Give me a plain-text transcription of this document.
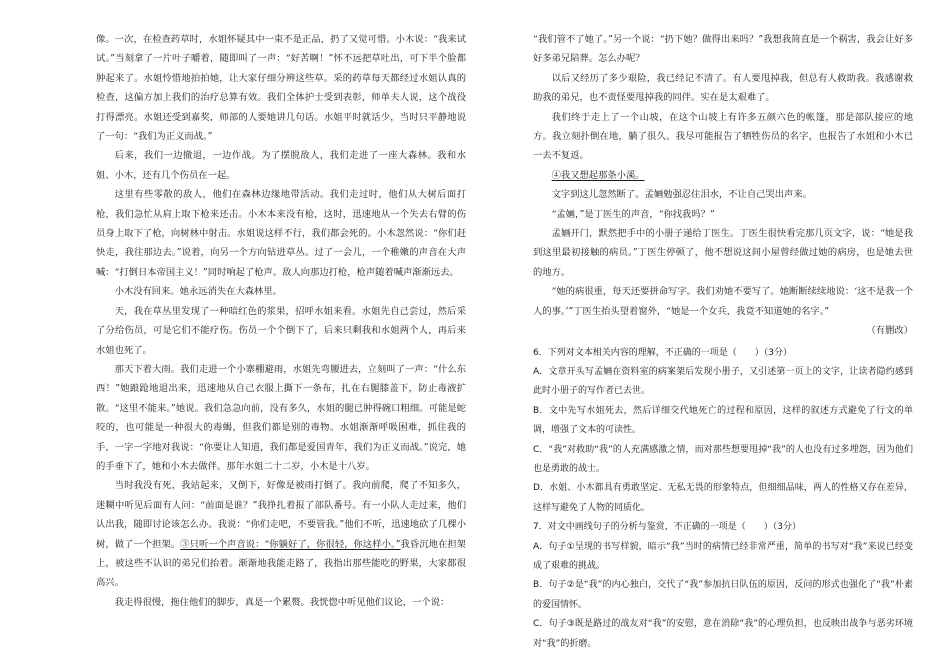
像。一次，在检查药草时，水姐怀疑其中一束不是正品，扔了又觉可惜。小木说：“我来试试。”当刻拿了一片叶子嚼着，随即叫了一声：“好苦啊！”怀不远把草吐出，可下半个脸都肿起来了。水姐怜惜地拍拍她，让大家仔细分辨这些草。采的药草每天都经过水姐认真的检查，这偏方加上我们的治疗总算有效。我们全体护士受到表彰，师单夫人说，这个战役打得漂亮。水姐还受到嘉奖，师部的人要她讲几句话。水姐平时就话少，当时只平静地说了一句：“我们为正义而战。”

后来，我们一边撤退，一边作战。为了摆脱敌人，我们走进了一座大森林。我和水姐、小木，还有几个伤员在一起。

这里有些零散的敌人，他们在森林边缘地带活动。我们走过时，他们从大树后面打枪，我们急忙从肩上取下枪来还击。小木本来没有枪，这时，迅速地从一个失去右臂的伤员身上取下了枪，向树林中射击。水姐说这样不行，我们都会死的。小木忽然说：“你们赶快走，我往那边去。”说着，向另一个方向钻进草丛。过了一会儿，一个稚嫩的声音在大声喊：“打倒日本帝国主义！”同时响起了枪声。敌人向那边打枪，枪声随着喊声渐渐远去。

小木没有回来。她永远消失在大森林里。

天，我在草丛里发现了一种暗红色的浆果，招呼水姐来看。水姐先自己尝过，然后采了分给伤员，可是它们不能疗伤。伤员一个个倒下了，后来只剩我和水姐两个人，再后来水姐也死了。

那天下着大雨。我们走进一个小寨棚避雨，水姐先弯腰进去，立刻叫了一声：“什么东西！”她踉跄地退出来，迅速地从自己衣服上撕下一条布，扎在右腿膝盖下，防止毒液扩散。“这里不能来。”她说。我们急急向前，没有多久，水姐的腿已肿得碗口粗细。可能是蛇咬的，也可能是一种很大的毒蝎，但我们都是别的毒物。水姐渐渐呼吸困难，抓住我的手，一字一字地对我说：“你要让人知道，我们都是爱国青年，我们为正义而战。”说完，她的手垂下了，她和小木去做伴。那年水姐二十二岁，小木是十八岁。

当时我没有死，我站起来，又倒下，好像是被雨打倒了。我向前爬，爬了不知多久，迷糊中听见后面有人问：“前面是谁？”我挣扎着报了部队番号。有一小队人走过来，他们认出我，随即讨论该怎么办。我说：“你们走吧，不要管我。”他们不听，迅速地砍了几棵小树，做了一个担架。③只听一个声音说：“你躺好了，你很轻，你这样小。”我昏沉地在担架上，被这些不认识的弟兄们抬着。渐渐地我能走路了，我指出那些能吃的野果，大家都很高兴。

我走得很慢，拖住他们的脚步，真是一个累赘。我恍惚中听见他们议论，一个说：

“我们管不了她了。”另一个说：“扔下她？做得出来吗？”我想我简直是一个祸害，我会让好多好多弟兄陪葬。怎么办呢？

以后又经历了多少艰险，我已经记不清了。有人要甩掉我，但总有人救助我。我感谢救助我的弟兄，也不责怪要甩掉我的同伴。实在是太艰难了。

我们终于走上了一个山坡，在这个山坡上有许多五颜六色的帐篷，那是部队接应的地方。我立刻扑倒在地，躺了很久。我尽可能报告了牺牲伤员的名字，也报告了水姐和小木已一去不复返。

④我又想起那条小溪。

文字到这儿忽然断了。孟婳勉强忍住泪水，不让自己哭出声来。

“孟婳，”是丁医生的声音，“你找我吗？”

孟婳开门，默然把手中的小册子递给丁医生。丁医生很快看完那几页文字，说：“她是我到这里最初接触的病员。”丁医生停顿了，他不想说这间小屋曾经做过她的病房，也是她去世的地方。

“她的病很重，每天还要拼命写字。我们劝她不要写了。她断断续续地说：‘这不是我一个人的事。’”丁医生抬头望着窗外，“她是一个女兵，我竟不知道她的名字。”

（有删改）

6．下列对文本相关内容的理解，不正确的一项是（　　）（3分）

A．文章开头写孟婳在资料室的病案架后发现小册子，又引述第一页上的文字，让读者隐约感到此时小册子的写作者已去世。

B．文中先写水姐死去，然后详细交代她死亡的过程和原因，这样的叙述方式避免了行文的单调，增强了文本的可读性。

C．“我”对救助“我”的人充满感激之情，而对那些想要甩掉“我”的人也没有过多埋怨，因为他们也是勇敢的战士。

D．水姐、小木都具有勇敢坚定、无私无畏的形象特点，但细细品味，两人的性格又存在差异，这样写避免了人物的同质化。

7．对文中画线句子的分析与鉴赏，不正确的一项是（　　）（3分）

A．句子①呈现的书写样貌，暗示“我”当时的病情已经非常严重，简单的书写对“我”来说已经变成了艰难的挑战。

B．句子②是“我”的内心独白，交代了“我”参加抗日队伍的原因，反问的形式也强化了“我”朴素的爱国情怀。

C．句子③既是路过的战友对“我”的安慰，意在消除“我”的心理负担，也反映出战争与恶劣环境对“我”的折磨。
